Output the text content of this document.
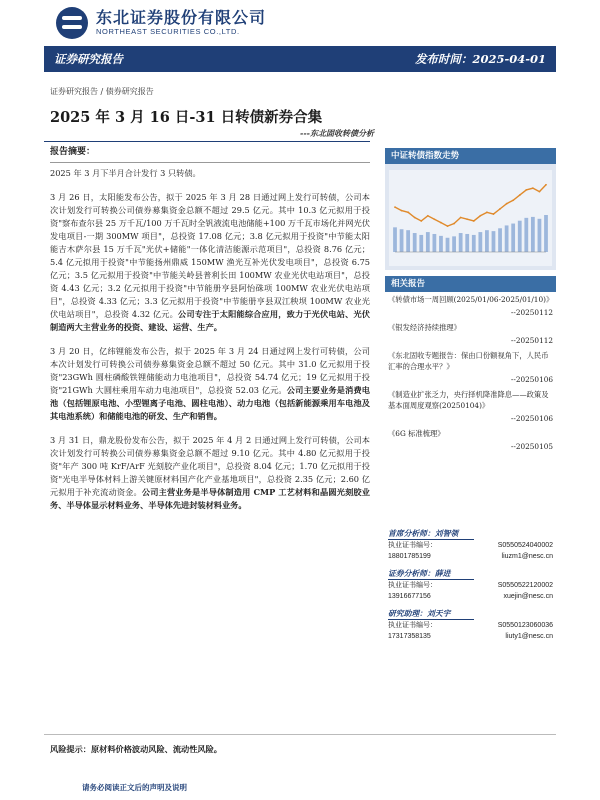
东北证券股份有限公司
NORTHEAST SECURITIES CO.,LTD.
证券研究报告	发布时间：2025-04-01
证券研究报告 / 债券研究报告
2025 年 3 月 16 日-31 日转债新券合集
---东北固收转债分析
报告摘要：
2025 年 3 月下半月合计发行 3 只转债。
3 月 26 日，太阳能发布公告，拟于 2025 年 3 月 28 日通过网上发行可转债，公司本次计划发行可转换公司债券募集资金总额不超过 29.5 亿元。其中 10.3 亿元拟用于投资"察布查尔县 25 万千瓦/100 万千瓦时全钒液流电池储能+100 万千瓦市场化并网光伏发电项目-一期 300MW 项目"，总投资 17.08 亿元；3.8 亿元拟用于投资"中节能太阳能吉木萨尔县 15 万千瓦"光伏+储能"一体化清洁能源示范项目"，总投资 8.76 亿元；5.4 亿元拟用于投资"中节能扬州鼎威 150MW 渔光互补光伏发电项目"，总投资 6.75 亿元；3.5 亿元拟用于投资"中节能关岭县普利长田 100MW 农业光伏电站项目"，总投资 4.43 亿元；3.2 亿元拟用于投资"中节能册亨县阿怡硃项 100MW 农业光伏电站项目"，总投资 4.33 亿元；3.3 亿元拟用于投资"中节能册亨县双江秧坝 100MW 农业光伏电站项目"，总投资 4.32 亿元。公司专注于太阳能综合应用，致力于光伏电站、光伏制造两大主营业务的投资、建设、运营、生产。
3 月 20 日，亿纬锂能发布公告，拟于 2025 年 3 月 24 日通过网上发行可转债，公司本次计划发行可转换公司债券募集资金总额不超过 50 亿元。其中 31.0 亿元拟用于投资"23GWh 圆柱磷酸铁锂储能动力电池项目"，总投资 54.74 亿元；19 亿元拟用于投资"21GWh 大圆柱乘用车动力电池项目"，总投资 52.03 亿元。公司主要业务是消费电池（包括锂原电池、小型锂离子电池、圆柱电池）、动力电池（包括新能源乘用车电池及其电池系统）和储能电池的研发、生产和销售。
3 月 31 日，鼎龙股份发布公告，拟于 2025 年 4 月 2 日通过网上发行可转债，公司本次计划发行可转换公司债券募集资金总额不超过 9.10 亿元。其中 4.80 亿元拟用于投资"年产 300 吨 KrF/ArF 光刻胶产业化项目"，总投资 8.04 亿元；1.70 亿元拟用于投资"光电半导体材料上游关键原材料国产化产业基地项目"，总投资 2.35 亿元；2.60 亿元拟用于补充流动资金。公司主营业务是半导体制造用 CMP 工艺材料和晶圆光刻胶业务、半导体显示材料业务、半导体先进封装材料业务。
风险提示：原材料价格波动风险、流动性风险。
请务必阅读正文后的声明及说明
中证转债指数走势
相关报告
《转债市场一周回顾(2025/01/06-2025/01/10)》
--20250112
《银发经济持续推理》
--20250112
《东北固收专题报告：保由口份额视角下，人民币汇率的合理水平？》
--20250106
《制造业扩张乏力，央行择机降准降息——政策及基本面周度观察(20250104)》
--20250106
《6G 标准梳理》
--20250105
首席分析师：刘智领
执业证书编号：	S0550524040002
18801785199	liuzm1@nesc.cn
证券分析师：薛进
执业证书编号：	S0550522120002
13916677156	xuejin@nesc.cn
研究助理：刘天宇
执业证书编号：	S0550123060036
17317358135	liuty1@nesc.cn
